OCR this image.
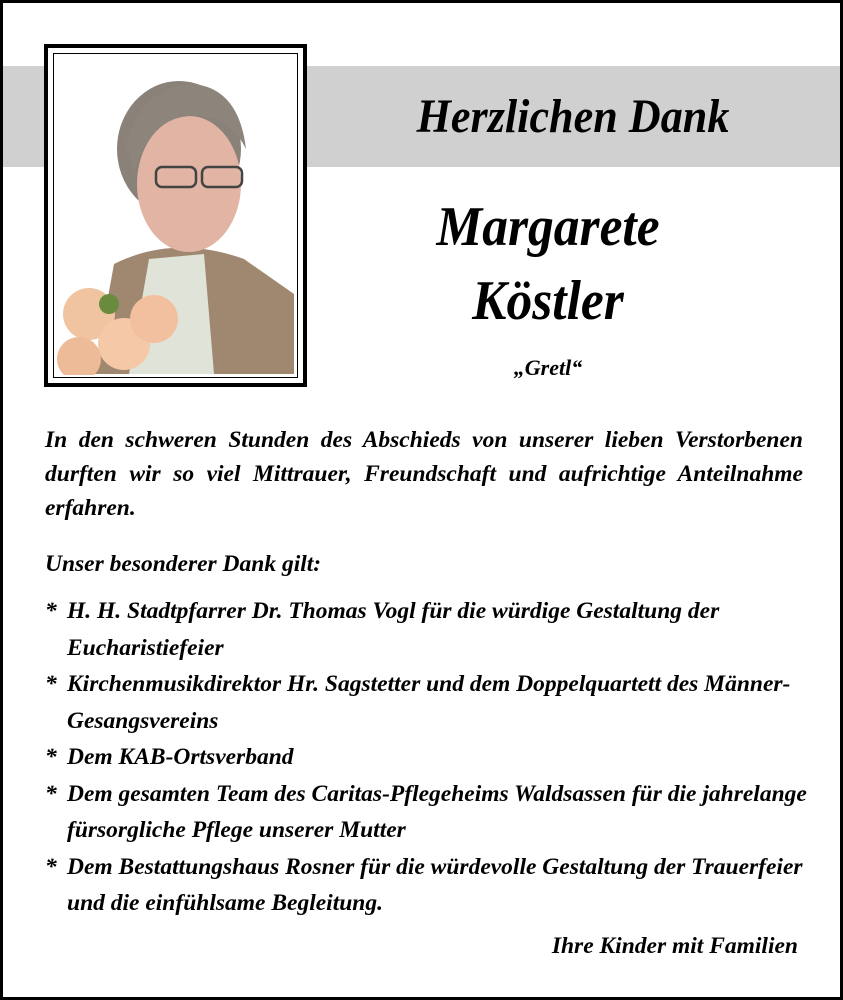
Herzlichen Dank
Margarete
Köstler
„Gretl“
In den schweren Stunden des Abschieds von unserer lieben Verstorbenen durften wir so viel Mittrauer, Freundschaft und aufrichtige Anteilnahme erfahren.
Unser besonderer Dank gilt:
* H. H. Stadtpfarrer Dr. Thomas Vogl für die würdige Gestaltung der Eucharistiefeier
* Kirchenmusikdirektor Hr. Sagstetter und dem Doppelquartett des Männer-Gesangsvereins
* Dem KAB-Ortsverband
* Dem gesamten Team des Caritas-Pflegeheims Waldsassen für die jahrelange fürsorgliche Pflege unserer Mutter
* Dem Bestattungshaus Rosner für die würdevolle Gestaltung der Trauerfeier und die einfühlsame Begleitung.
Ihre Kinder mit Familien
